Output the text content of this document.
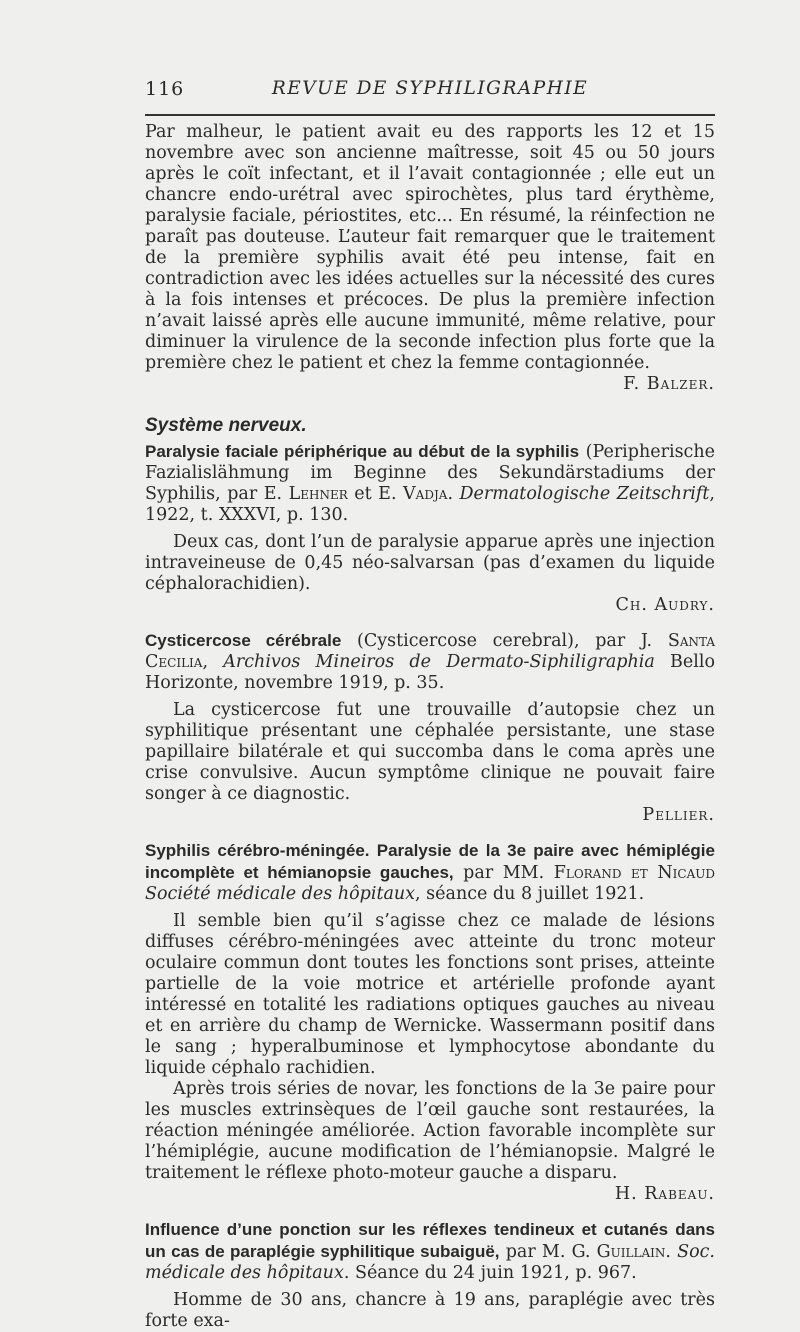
116	REVUE DE SYPHILIGRAPHIE

Par malheur, le patient avait eu des rapports les 12 et 15 novembre avec son ancienne maîtresse, soit 45 ou 50 jours après le coït infectant, et il l’avait contagionnée ; elle eut un chancre endo-urétral avec spirochètes, plus tard érythème, paralysie faciale, périostites, etc... En résumé, la réinfection ne paraît pas douteuse. L’auteur fait remarquer que le traitement de la première syphilis avait été peu intense, fait en contradiction avec les idées actuelles sur la nécessité des cures à la fois intenses et précoces. De plus la première infection n’avait laissé après elle aucune immunité, même relative, pour diminuer la virulence de la seconde infection plus forte que la première chez le patient et chez la femme contagionnée.

F. Balzer.

Système nerveux.

Paralysie faciale périphérique au début de la syphilis (Peripherische Fazialislähmung im Beginne des Sekundärstadiums der Syphilis, par E. Lehner et E. Vadja. Dermatologische Zeitschrift, 1922, t. XXXVI, p. 130.

Deux cas, dont l’un de paralysie apparue après une injection intraveineuse de 0,45 néo-salvarsan (pas d’examen du liquide céphalorachidien).

Ch. Audry.

Cysticercose cérébrale (Cysticercose cerebral), par J. Santa Cecilia, Archivos Mineiros de Dermato-Siphiligraphia Bello Horizonte, novembre 1919, p. 35.

La cysticercose fut une trouvaille d’autopsie chez un syphilitique présentant une céphalée persistante, une stase papillaire bilatérale et qui succomba dans le coma après une crise convulsive. Aucun symptôme clinique ne pouvait faire songer à ce diagnostic.

Pellier.

Syphilis cérébro-méningée. Paralysie de la 3e paire avec hémiplégie incomplète et hémianopsie gauches, par MM. Florand et Nicaud Société médicale des hôpitaux, séance du 8 juillet 1921.

Il semble bien qu’il s’agisse chez ce malade de lésions diffuses cérébro-méningées avec atteinte du tronc moteur oculaire commun dont toutes les fonctions sont prises, atteinte partielle de la voie motrice et artérielle profonde ayant intéressé en totalité les radiations optiques gauches au niveau et en arrière du champ de Wernicke. Wassermann positif dans le sang ; hyperalbuminose et lymphocytose abondante du liquide céphalo rachidien.

Après trois séries de novar, les fonctions de la 3e paire pour les muscles extrinsèques de l’œil gauche sont restaurées, la réaction méningée améliorée. Action favorable incomplète sur l’hémiplégie, aucune modification de l’hémianopsie. Malgré le traitement le réflexe photo-moteur gauche a disparu.

H. Rabeau.

Influence d’une ponction sur les réflexes tendineux et cutanés dans un cas de paraplégie syphilitique subaiguë, par M. G. Guillain. Soc. médicale des hôpitaux. Séance du 24 juin 1921, p. 967.

Homme de 30 ans, chancre à 19 ans, paraplégie avec très forte exa-
